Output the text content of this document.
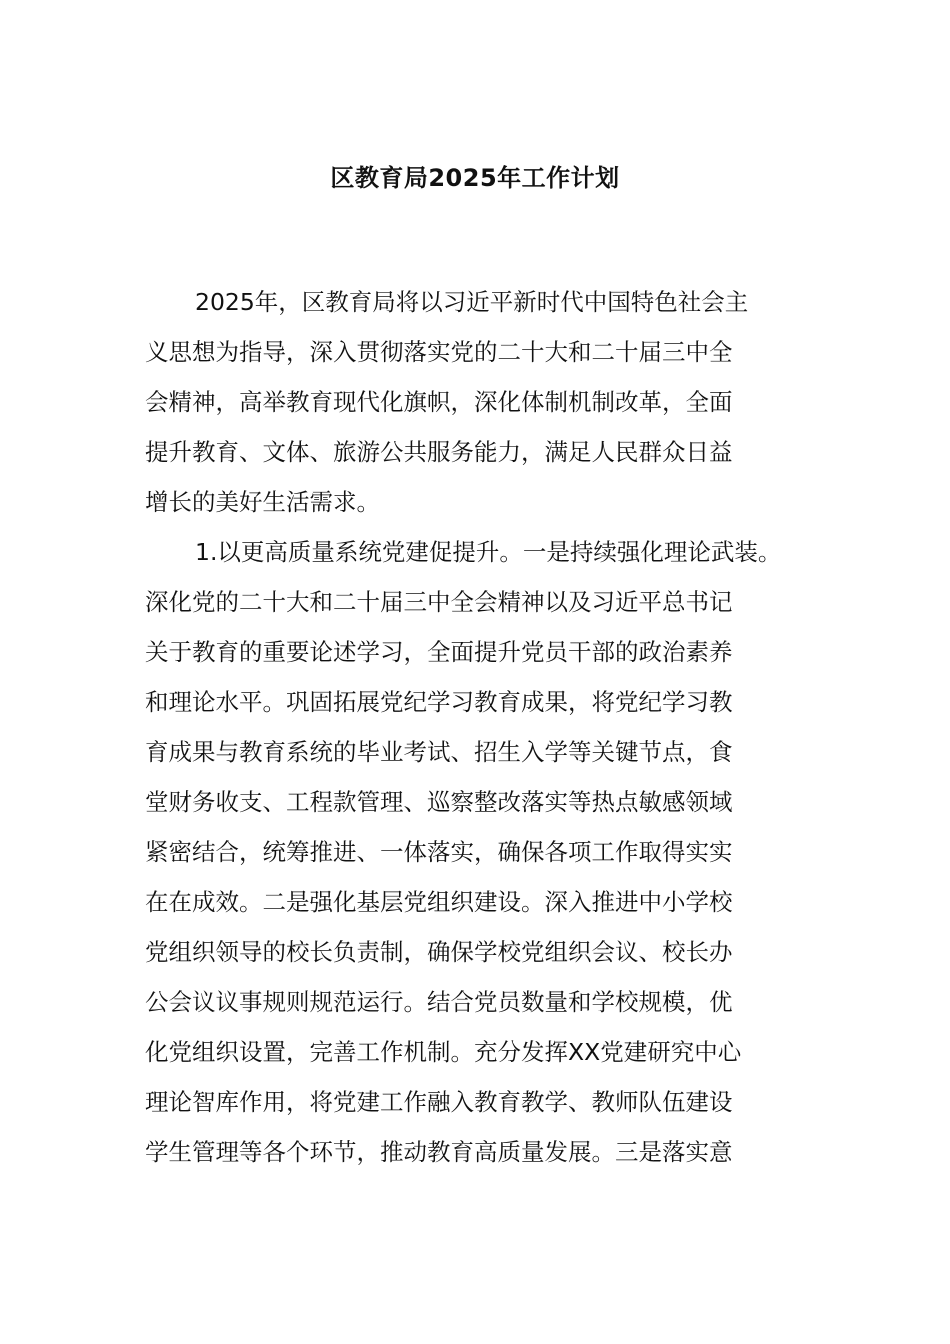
区教育局2025年工作计划
2025年，区教育局将以习近平新时代中国特色社会主
义思想为指导，深入贯彻落实党的二十大和二十届三中全
会精神，高举教育现代化旗帜，深化体制机制改革，全面
提升教育、文体、旅游公共服务能力，满足人民群众日益
增长的美好生活需求。
1.以更高质量系统党建促提升。一是持续强化理论武装。
深化党的二十大和二十届三中全会精神以及习近平总书记
关于教育的重要论述学习，全面提升党员干部的政治素养
和理论水平。巩固拓展党纪学习教育成果，将党纪学习教
育成果与教育系统的毕业考试、招生入学等关键节点，食
堂财务收支、工程款管理、巡察整改落实等热点敏感领域
紧密结合，统筹推进、一体落实，确保各项工作取得实实
在在成效。二是强化基层党组织建设。深入推进中小学校
党组织领导的校长负责制，确保学校党组织会议、校长办
公会议议事规则规范运行。结合党员数量和学校规模，优
化党组织设置，完善工作机制。充分发挥XX党建研究中心
理论智库作用，将党建工作融入教育教学、教师队伍建设
学生管理等各个环节，推动教育高质量发展。三是落实意
